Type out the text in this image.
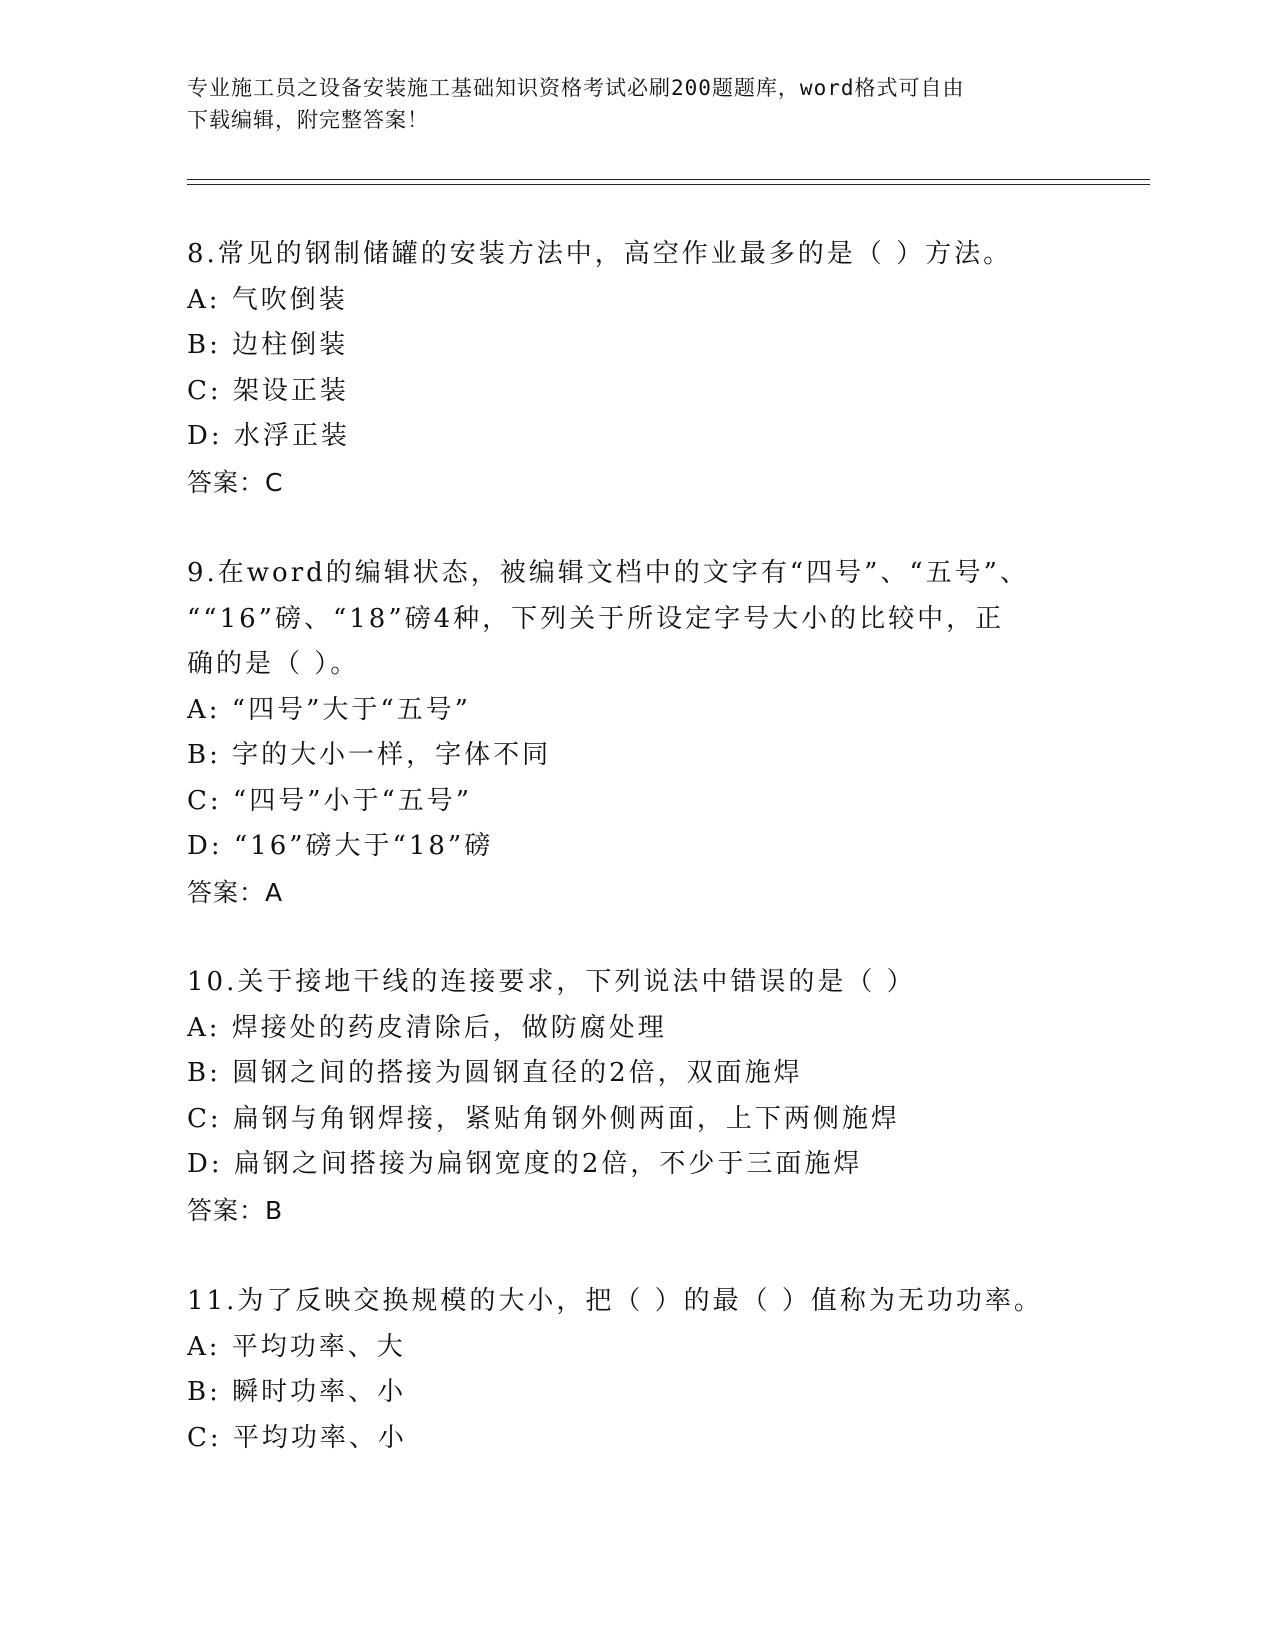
专业施工员之设备安装施工基础知识资格考试必刷200题题库，word格式可自由
下载编辑，附完整答案！
8.常见的钢制储罐的安装方法中，高空作业最多的是（ ）方法。
A: 气吹倒装
B: 边柱倒装
C: 架设正装
D: 水浮正装
答案：C
9.在word的编辑状态，被编辑文档中的文字有“四号”、“五号”、
““16”磅、“18”磅4种，下列关于所设定字号大小的比较中，正
确的是（ ）。
A: “四号”大于“五号”
B: 字的大小一样，字体不同
C: “四号”小于“五号”
D: “16”磅大于“18”磅
答案：A
10.关于接地干线的连接要求，下列说法中错误的是（ ）
A: 焊接处的药皮清除后，做防腐处理
B: 圆钢之间的搭接为圆钢直径的2倍，双面施焊
C: 扁钢与角钢焊接，紧贴角钢外侧两面，上下两侧施焊
D: 扁钢之间搭接为扁钢宽度的2倍，不少于三面施焊
答案：B
11.为了反映交换规模的大小，把（ ）的最（ ）值称为无功功率。
A: 平均功率、大
B: 瞬时功率、小
C: 平均功率、小
